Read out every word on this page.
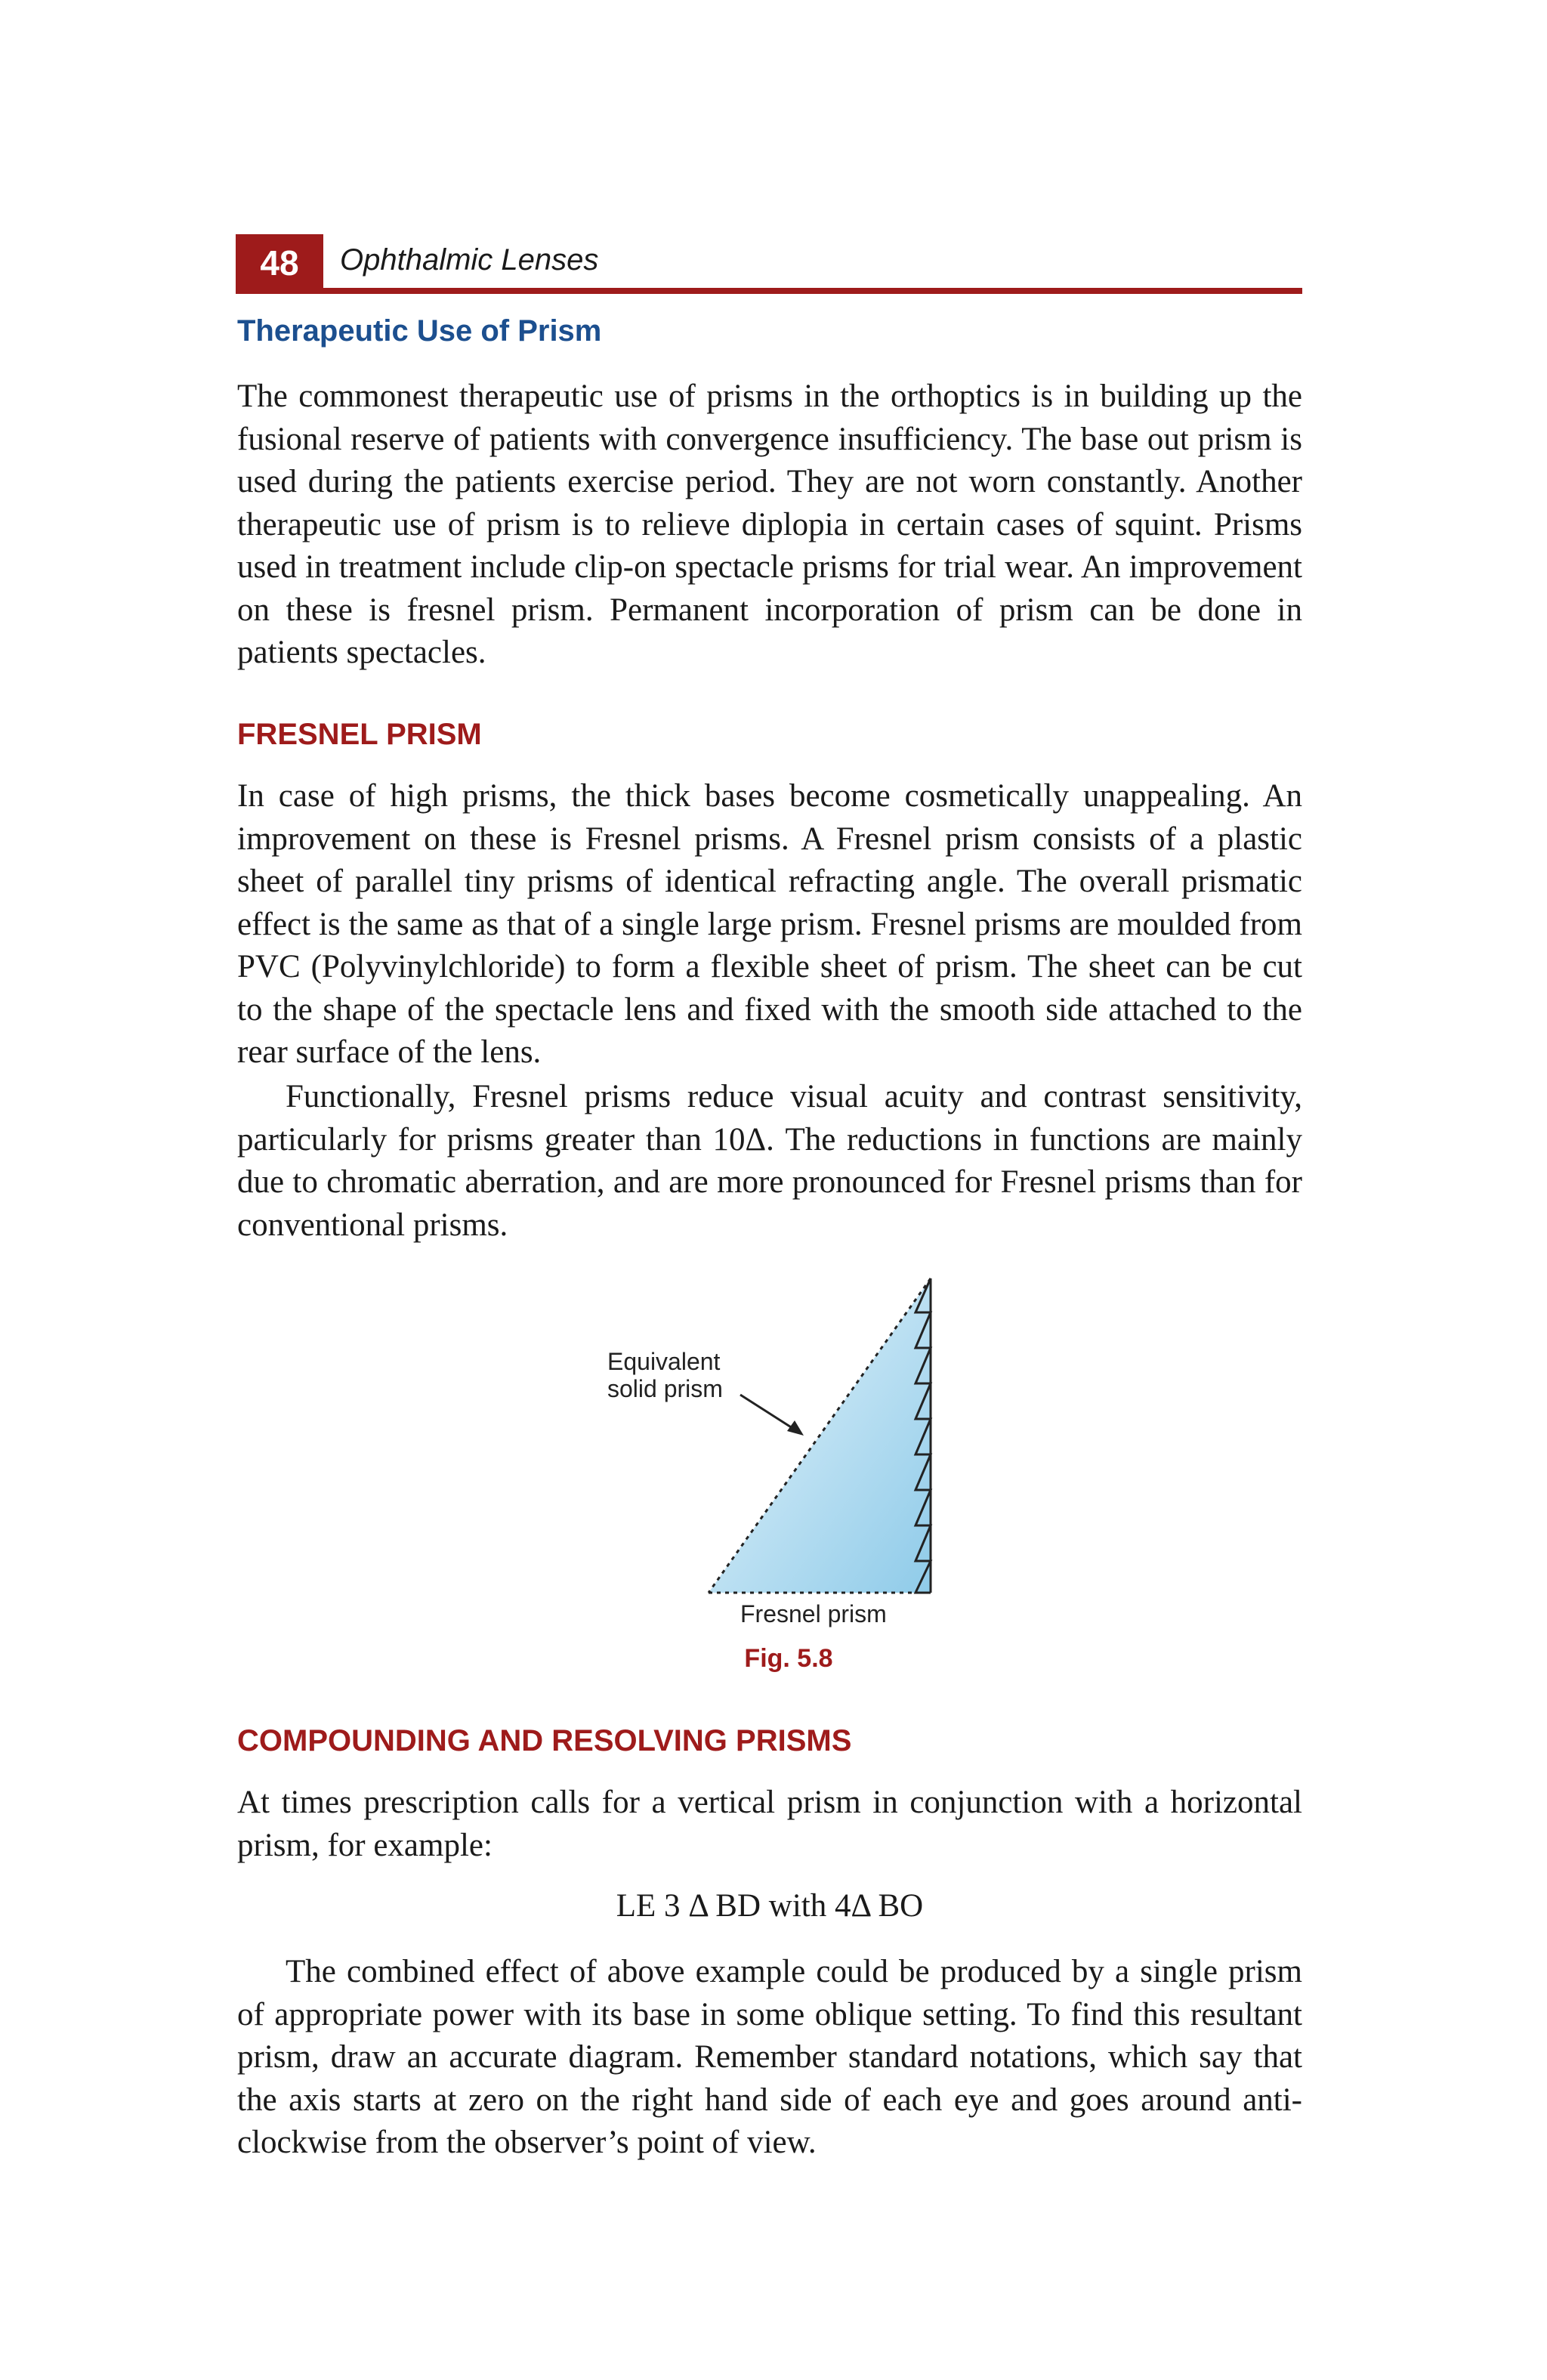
48	Ophthalmic Lenses
Therapeutic Use of Prism

The commonest therapeutic use of prisms in the orthoptics is in building up the fusional reserve of patients with convergence insufficiency. The base out prism is used during the patients exercise period. They are not worn constantly. Another therapeutic use of prism is to relieve diplopia in certain cases of squint. Prisms used in treatment include clip-on spectacle prisms for trial wear. An improvement on these is fresnel prism. Permanent incorporation of prism can be done in patients spectacles.

FRESNEL PRISM

In case of high prisms, the thick bases become cosmetically unappealing. An improvement on these is Fresnel prisms. A Fresnel prism consists of a plastic sheet of parallel tiny prisms of identical refracting angle. The overall prismatic effect is the same as that of a single large prism. Fresnel prisms are moulded from PVC (Polyvinylchloride) to form a flexible sheet of prism. The sheet can be cut to the shape of the spectacle lens and fixed with the smooth side attached to the rear surface of the lens.

Functionally, Fresnel prisms reduce visual acuity and contrast sensitivity, particularly for prisms greater than 10Δ. The reductions in functions are mainly due to chromatic aberration, and are more pronounced for Fresnel prisms than for conventional prisms.

Equivalent
solid prism
Fresnel prism
Fig. 5.8
COMPOUNDING AND RESOLVING PRISMS

At times prescription calls for a vertical prism in conjunction with a horizontal prism, for example:

LE 3 Δ BD with 4Δ BO

The combined effect of above example could be produced by a single prism of appropriate power with its base in some oblique setting. To find this resultant prism, draw an accurate diagram. Remember standard notations, which say that the axis starts at zero on the right hand side of each eye and goes around anti-clockwise from the observer’s point of view.
